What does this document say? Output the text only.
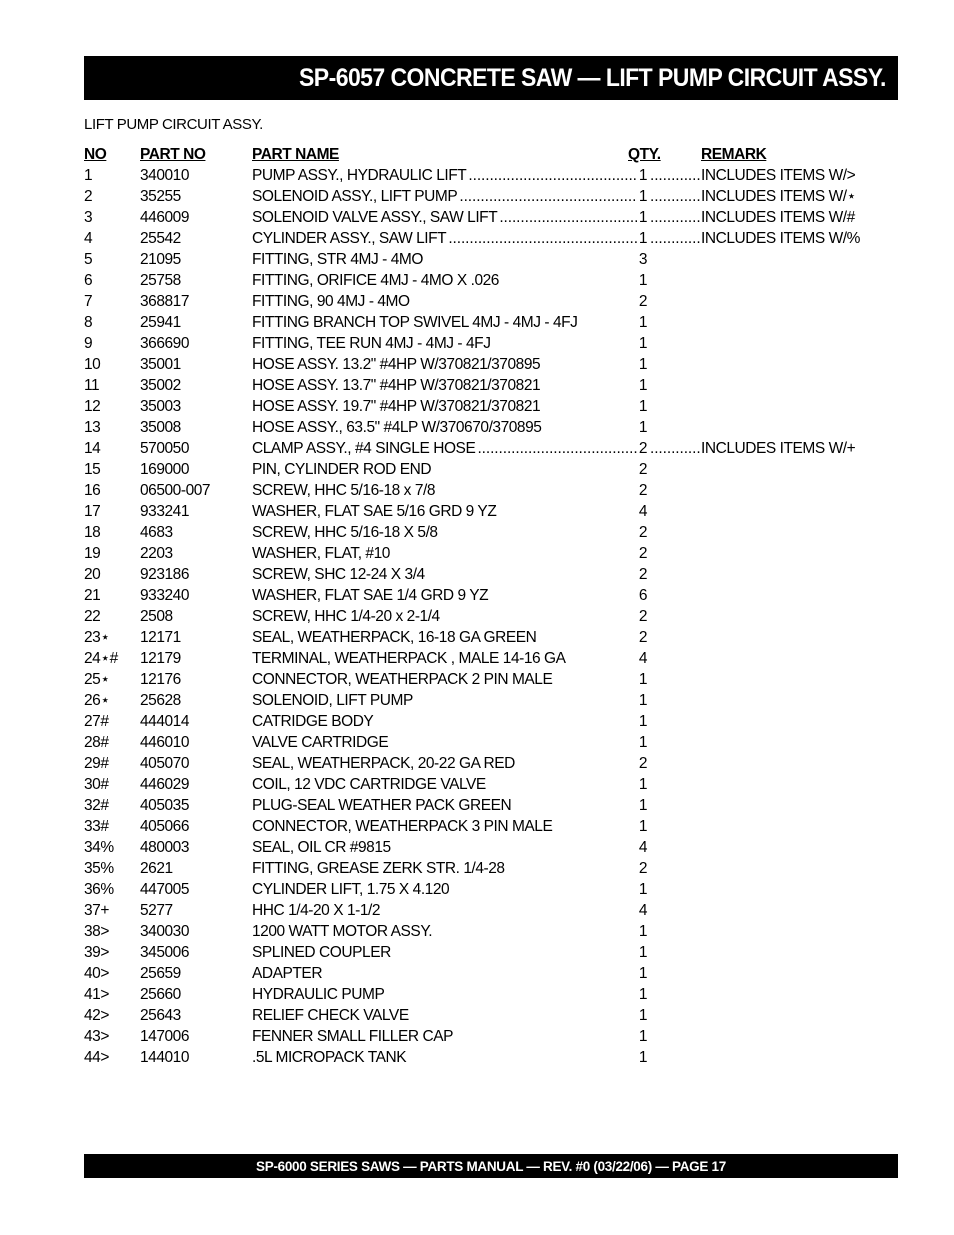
SP-6057 CONCRETE SAW — LIFT PUMP CIRCUIT ASSY.
LIFT PUMP CIRCUIT ASSY.
NO PART NO	PART NAME	QTY.	REMARK
1	340010	PUMP ASSY., HYDRAULIC LIFT . . .	1 . . .	INCLUDES ITEMS W/>
2	35255	SOLENOID ASSY., LIFT PUMP . . .	1 . . .	INCLUDES ITEMS W/⋆
3	446009	SOLENOID VALVE ASSY., SAW LIFT . . .	1 . . .	INCLUDES ITEMS W/#
4	25542	CYLINDER ASSY., SAW LIFT . . .	1 . . .	INCLUDES ITEMS W/%
5	21095	FITTING, STR 4MJ - 4MO	3
6	25758	FITTING, ORIFICE 4MJ - 4MO X .026	1
7	368817	FITTING, 90 4MJ - 4MO	2
8	25941	FITTING BRANCH TOP SWIVEL 4MJ - 4MJ - 4FJ	1
9	366690	FITTING, TEE RUN 4MJ - 4MJ - 4FJ	1
10	35001	HOSE ASSY. 13.2" #4HP W/370821/370895	1
11	35002	HOSE ASSY. 13.7" #4HP W/370821/370821	1
12	35003	HOSE ASSY. 19.7" #4HP W/370821/370821	1
13	35008	HOSE ASSY., 63.5" #4LP W/370670/370895	1
14	570050	CLAMP ASSY., #4 SINGLE HOSE . . .	2 . . .	INCLUDES ITEMS W/+
15	169000	PIN, CYLINDER ROD END	2
16	06500-007	SCREW, HHC 5/16-18 x 7/8	2
17	933241	WASHER, FLAT SAE 5/16 GRD 9 YZ	4
18	4683	SCREW, HHC 5/16-18 X 5/8	2
19	2203	WASHER, FLAT, #10	2
20	923186	SCREW, SHC 12-24 X 3/4	2
21	933240	WASHER, FLAT SAE 1/4 GRD 9 YZ	6
22	2508	SCREW, HHC 1/4-20 x 2-1/4	2
23⋆ 12171	SEAL, WEATHERPACK, 16-18 GA GREEN	2
24⋆# 12179	TERMINAL, WEATHERPACK , MALE 14-16 GA	4
25⋆ 12176	CONNECTOR, WEATHERPACK 2 PIN MALE	1
26⋆ 25628	SOLENOID, LIFT PUMP	1
27# 444014	CATRIDGE BODY	1
28# 446010	VALVE CARTRIDGE	1
29# 405070	SEAL, WEATHERPACK, 20-22 GA RED	2
30# 446029	COIL, 12 VDC CARTRIDGE VALVE	1
32# 405035	PLUG-SEAL WEATHER PACK GREEN	1
33# 405066	CONNECTOR, WEATHERPACK 3 PIN MALE	1
34% 480003	SEAL, OIL CR #9815	4
35% 2621	FITTING, GREASE ZERK STR. 1/4-28	2
36% 447005	CYLINDER LIFT, 1.75 X 4.120	1
37+ 5277	HHC 1/4-20 X 1-1/2	4
38> 340030	1200 WATT MOTOR ASSY.	1
39> 345006	SPLINED COUPLER	1
40> 25659	ADAPTER	1
41> 25660	HYDRAULIC PUMP	1
42> 25643	RELIEF CHECK VALVE	1
43> 147006	FENNER SMALL FILLER CAP	1
44> 144010	.5L MICROPACK TANK	1
SP-6000 SERIES SAWS — PARTS MANUAL — REV. #0 (03/22/06) — PAGE 17
